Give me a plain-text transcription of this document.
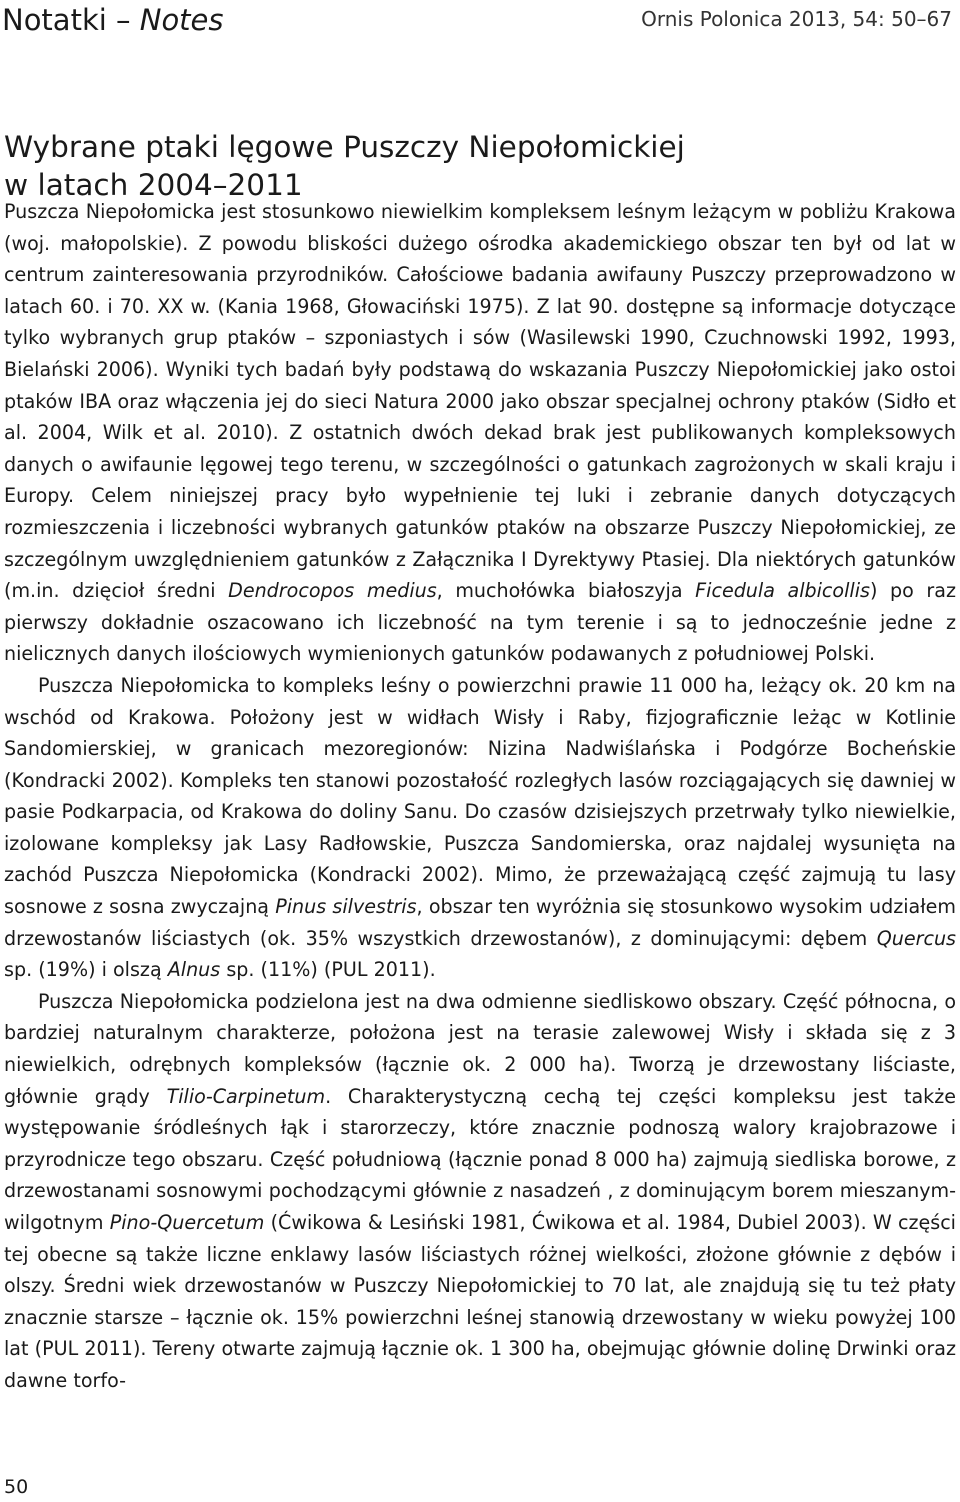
Notatki – Notes	Ornis Polonica 2013, 54: 50–67
Wybrane ptaki lęgowe Puszczy Niepołomickiej
w latach 2004–2011

Puszcza Niepołomicka jest stosunkowo niewielkim kompleksem leśnym leżącym w pobliżu Krakowa (woj. małopolskie). Z powodu bliskości dużego ośrodka akademickiego obszar ten był od lat w centrum zainteresowania przyrodników. Całościowe badania awifauny Puszczy przeprowadzono w latach 60. i 70. XX w. (Kania 1968, Głowaciński 1975). Z lat 90. dostępne są informacje dotyczące tylko wybranych grup ptaków – szponiastych i sów (Wasilewski 1990, Czuchnowski 1992, 1993, Bielański 2006). Wyniki tych badań były podstawą do wskazania Puszczy Niepołomickiej jako ostoi ptaków IBA oraz włączenia jej do sieci Natura 2000 jako obszar specjalnej ochrony ptaków (Sidło et al. 2004, Wilk et al. 2010). Z ostatnich dwóch dekad brak jest publikowanych kompleksowych danych o awifaunie lęgowej tego terenu, w szczególności o gatunkach zagrożonych w skali kraju i Europy. Celem niniejszej pracy było wypełnienie tej luki i zebranie danych dotyczących rozmieszczenia i liczebności wybranych gatunków ptaków na obszarze Puszczy Niepołomickiej, ze szczególnym uwzględnieniem gatunków z Załącznika I Dyrektywy Ptasiej. Dla niektórych gatunków (m.in. dzięcioł średni Dendrocopos medius, muchołówka białoszyja Ficedula albicollis) po raz pierwszy dokładnie oszacowano ich liczebność na tym terenie i są to jednocześnie jedne z nielicznych danych ilościowych wymienionych gatunków podawanych z południowej Polski.

Puszcza Niepołomicka to kompleks leśny o powierzchni prawie 11 000 ha, leżący ok. 20 km na wschód od Krakowa. Położony jest w widłach Wisły i Raby, fizjograficznie leżąc w Kotlinie Sandomierskiej, w granicach mezoregionów: Nizina Nadwiślańska i Podgórze Bocheńskie (Kondracki 2002). Kompleks ten stanowi pozostałość rozległych lasów rozciągających się dawniej w pasie Podkarpacia, od Krakowa do doliny Sanu. Do czasów dzisiejszych przetrwały tylko niewielkie, izolowane kompleksy jak Lasy Radłowskie, Puszcza Sandomierska, oraz najdalej wysunięta na zachód Puszcza Niepołomicka (Kondracki 2002). Mimo, że przeważającą część zajmują tu lasy sosnowe z sosna zwyczajną Pinus silvestris, obszar ten wyróżnia się stosunkowo wysokim udziałem drzewostanów liściastych (ok. 35% wszystkich drzewostanów), z dominującymi: dębem Quercus sp. (19%) i olszą Alnus sp. (11%) (PUL 2011).

Puszcza Niepołomicka podzielona jest na dwa odmienne siedliskowo obszary. Część północna, o bardziej naturalnym charakterze, położona jest na terasie zalewowej Wisły i składa się z 3 niewielkich, odrębnych kompleksów (łącznie ok. 2 000 ha). Tworzą je drzewostany liściaste, głównie grądy Tilio-Carpinetum. Charakterystyczną cechą tej części kompleksu jest także występowanie śródleśnych łąk i starorzeczy, które znacznie podnoszą walory krajobrazowe i przyrodnicze tego obszaru. Część południową (łącznie ponad 8 000 ha) zajmują siedliska borowe, z drzewostanami sosnowymi pochodzącymi głównie z nasadzeń , z dominującym borem mieszanym-wilgotnym Pino-Quercetum (Ćwikowa & Lesiński 1981, Ćwikowa et al. 1984, Dubiel 2003). W części tej obecne są także liczne enklawy lasów liściastych różnej wielkości, złożone głównie z dębów i olszy. Średni wiek drzewostanów w Puszczy Niepołomickiej to 70 lat, ale znajdują się tu też płaty znacznie starsze – łącznie ok. 15% powierzchni leśnej stanowią drzewostany w wieku powyżej 100 lat (PUL 2011). Tereny otwarte zajmują łącznie ok. 1 300 ha, obejmując głównie dolinę Drwinki oraz dawne torfo-

50
